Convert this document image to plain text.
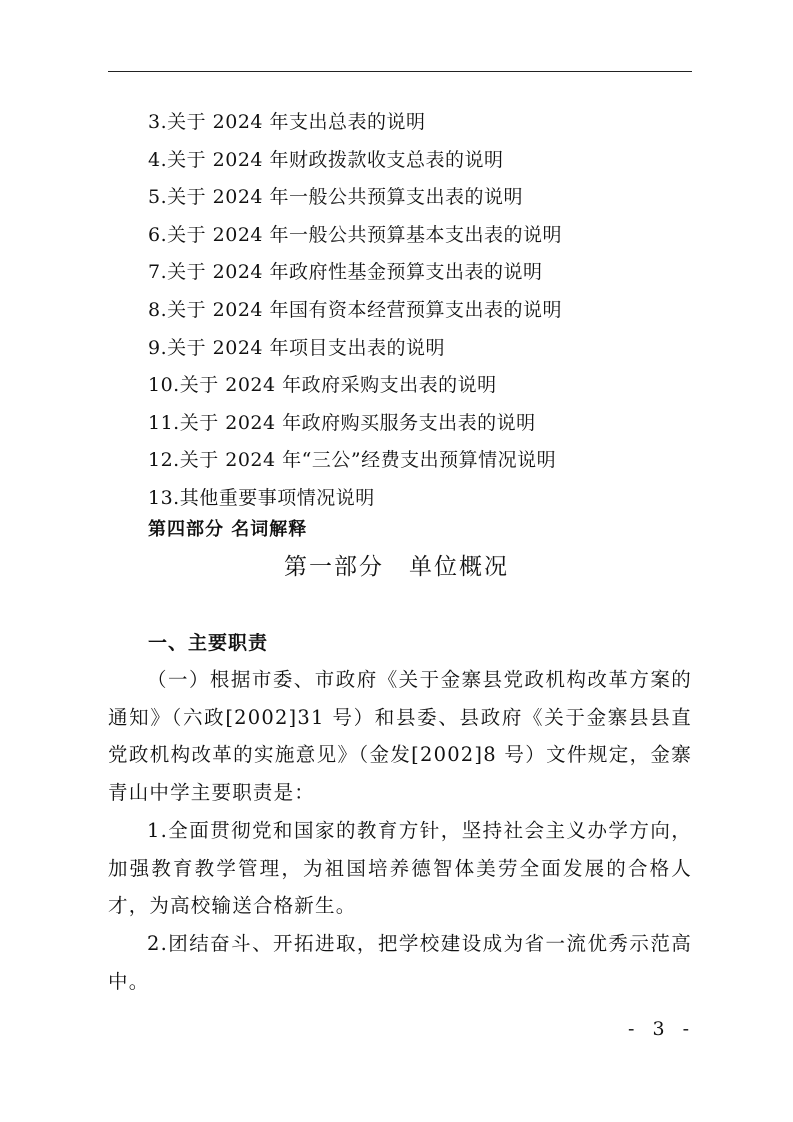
3.关于 2024 年支出总表的说明
4.关于 2024 年财政拨款收支总表的说明
5.关于 2024 年一般公共预算支出表的说明
6.关于 2024 年一般公共预算基本支出表的说明
7.关于 2024 年政府性基金预算支出表的说明
8.关于 2024 年国有资本经营预算支出表的说明
9.关于 2024 年项目支出表的说明
10.关于 2024 年政府采购支出表的说明
11.关于 2024 年政府购买服务支出表的说明
12.关于 2024 年“三公”经费支出预算情况说明
13.其他重要事项情况说明
第四部分 名词解释
第一部分　单位概况
一、主要职责

（一）根据市委、市政府《关于金寨县党政机构改革方案的通知》（六政[2002]31 号）和县委、县政府《关于金寨县县直党政机构改革的实施意见》（金发[2002]8 号）文件规定，金寨青山中学主要职责是：

1.全面贯彻党和国家的教育方针，坚持社会主义办学方向，加强教育教学管理，为祖国培养德智体美劳全面发展的合格人才，为高校输送合格新生。

2.团结奋斗、开拓进取，把学校建设成为省一流优秀示范高中。

- 3 -
